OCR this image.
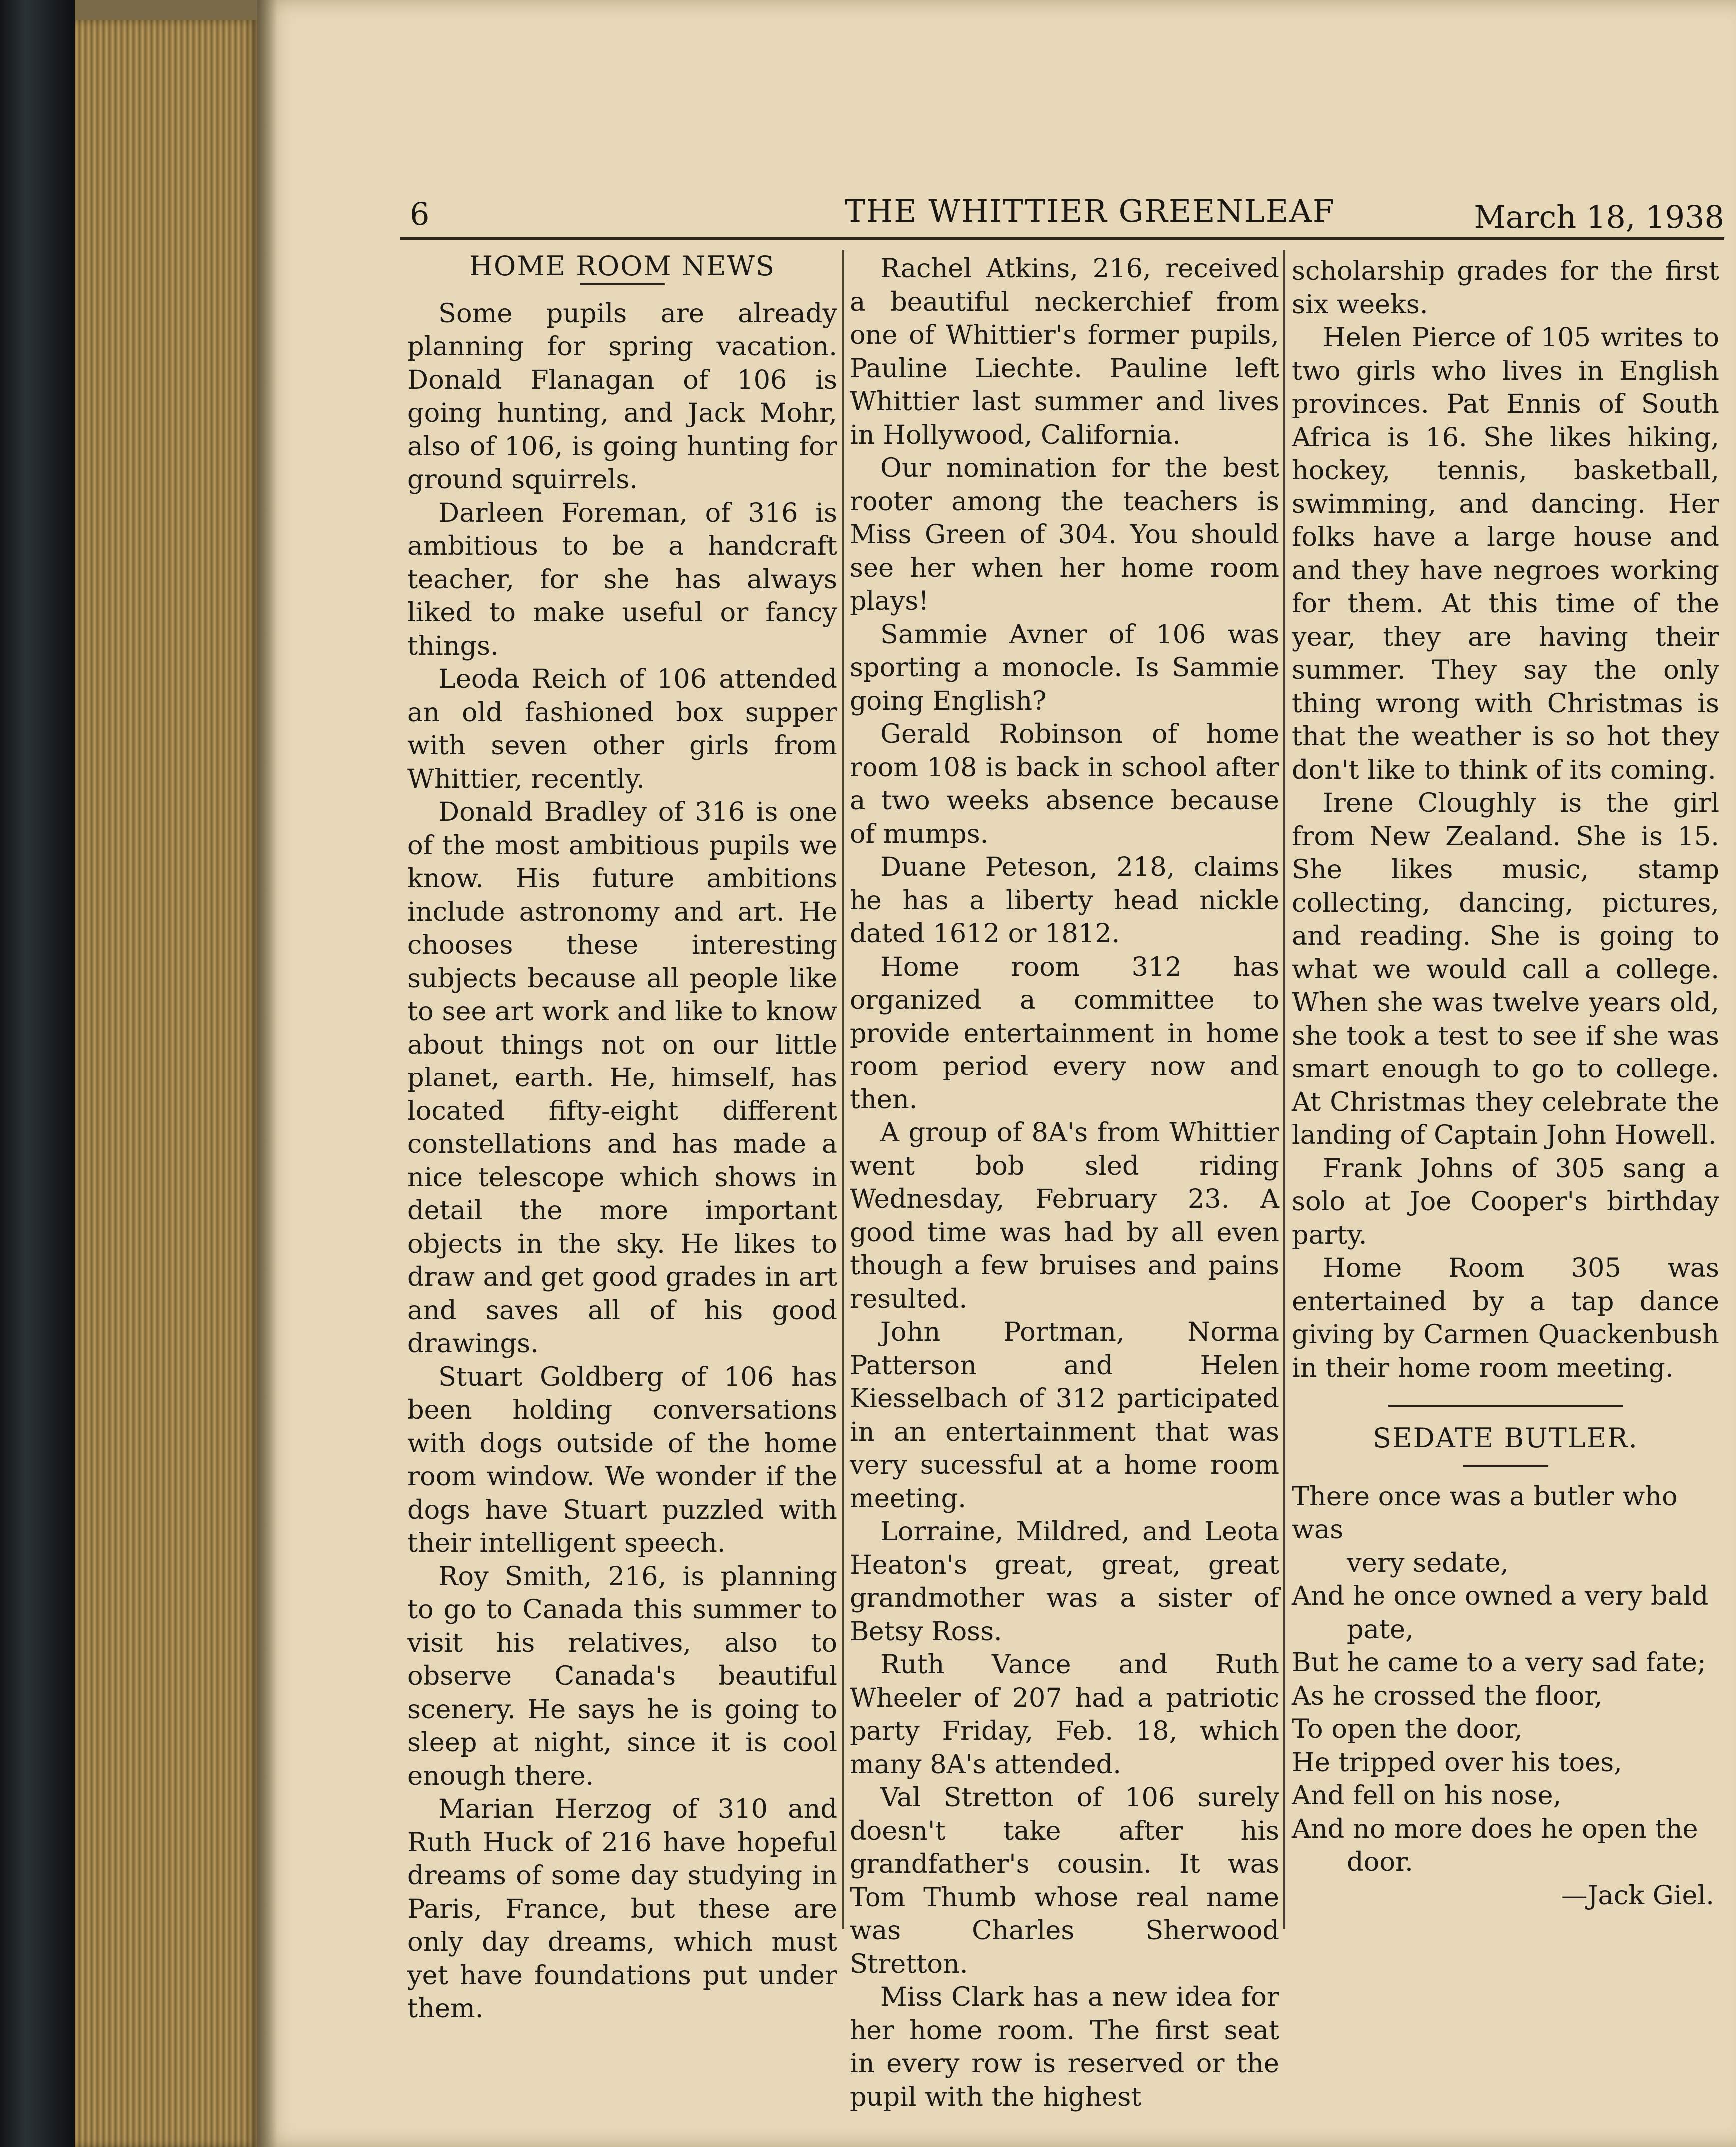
6	THE WHITTIER GREENLEAF	March 18, 1938

HOME ROOM NEWS

Some pupils are already planning for spring vacation. Donald Flanagan of 106 is going hunting, and Jack Mohr, also of 106, is going hunting for ground squirrels.

Darleen Foreman, of 316 is ambitious to be a handcraft teacher, for she has always liked to make useful or fancy things.

Leoda Reich of 106 attended an old fashioned box supper with seven other girls from Whittier, recently.

Donald Bradley of 316 is one of the most ambitious pupils we know. His future ambitions include astronomy and art. He chooses these interesting subjects because all people like to see art work and like to know about things not on our little planet, earth. He, himself, has located fifty-eight different constellations and has made a nice telescope which shows in detail the more important objects in the sky. He likes to draw and get good grades in art and saves all of his good drawings.

Stuart Goldberg of 106 has been holding conversations with dogs outside of the home room window. We wonder if the dogs have Stuart puzzled with their intelligent speech.

Roy Smith, 216, is planning to go to Canada this summer to visit his relatives, also to observe Canada's beautiful scenery. He says he is going to sleep at night, since it is cool enough there.

Marian Herzog of 310 and Ruth Huck of 216 have hopeful dreams of some day studying in Paris, France, but these are only day dreams, which must yet have foundations put under them.

Rachel Atkins, 216, received a beautiful neckerchief from one of Whittier's former pupils, Pauline Liechte. Pauline left Whittier last summer and lives in Hollywood, California.

Our nomination for the best rooter among the teachers is Miss Green of 304. You should see her when her home room plays!

Sammie Avner of 106 was sporting a monocle. Is Sammie going English?

Gerald Robinson of home room 108 is back in school after a two weeks absence because of mumps.

Duane Peteson, 218, claims he has a liberty head nickle dated 1612 or 1812.

Home room 312 has organized a committee to provide entertainment in home room period every now and then.

A group of 8A's from Whittier went bob sled riding Wednesday, February 23. A good time was had by all even though a few bruises and pains resulted.

John Portman, Norma Patterson and Helen Kiesselbach of 312 participated in an entertainment that was very sucessful at a home room meeting.

Lorraine, Mildred, and Leota Heaton's great, great, great grandmother was a sister of Betsy Ross.

Ruth Vance and Ruth Wheeler of 207 had a patriotic party Friday, Feb. 18, which many 8A's attended.

Val Stretton of 106 surely doesn't take after his grandfather's cousin. It was Tom Thumb whose real name was Charles Sherwood Stretton.

Miss Clark has a new idea for her home room. The first seat in every row is reserved or the pupil with the highest

scholarship grades for the first six weeks.

Helen Pierce of 105 writes to two girls who lives in English provinces. Pat Ennis of South Africa is 16. She likes hiking, hockey, tennis, basketball, swimming, and dancing. Her folks have a large house and and they have negroes working for them. At this time of the year, they are having their summer. They say the only thing wrong with Christmas is that the weather is so hot they don't like to think of its coming.

Irene Cloughly is the girl from New Zealand. She is 15. She likes music, stamp collecting, dancing, pictures, and reading. She is going to what we would call a college. When she was twelve years old, she took a test to see if she was smart enough to go to college. At Christmas they celebrate the landing of Captain John Howell.

Frank Johns of 305 sang a solo at Joe Cooper's birthday party.

Home Room 305 was entertained by a tap dance giving by Carmen Quackenbush in their home room meeting.

SEDATE BUTLER.

There once was a butler who was
very sedate,
And he once owned a very bald
pate,
But he came to a very sad fate;
As he crossed the floor,
To open the door,
He tripped over his toes,
And fell on his nose,
And no more does he open the
door.
—Jack Giel.
